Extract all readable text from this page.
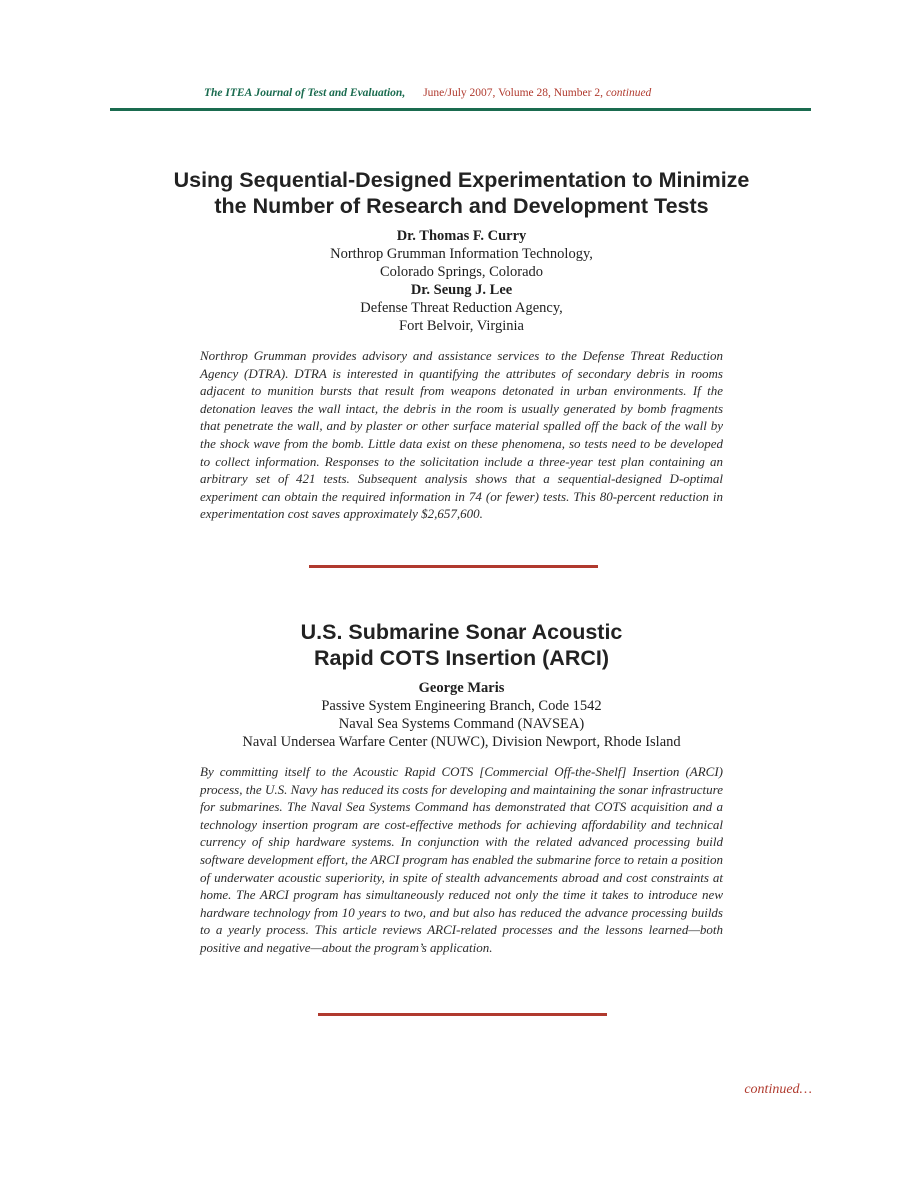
The ITEA Journal of Test and Evaluation, June/July 2007, Volume 28, Number 2, continued
Using Sequential-Designed Experimentation to Minimize
the Number of Research and Development Tests
Dr. Thomas F. Curry
Northrop Grumman Information Technology,
Colorado Springs, Colorado
Dr. Seung J. Lee
Defense Threat Reduction Agency,
Fort Belvoir, Virginia

Northrop Grumman provides advisory and assistance services to the Defense Threat Reduction Agency (DTRA). DTRA is interested in quantifying the attributes of secondary debris in rooms adjacent to munition bursts that result from weapons detonated in urban environments. If the detonation leaves the wall intact, the debris in the room is usually generated by bomb fragments that penetrate the wall, and by plaster or other surface material spalled off the back of the wall by the shock wave from the bomb. Little data exist on these phenomena, so tests need to be developed to collect information. Responses to the solicitation include a three-year test plan containing an arbitrary set of 421 tests. Subsequent analysis shows that a sequential-designed D-optimal experiment can obtain the required information in 74 (or fewer) tests. This 80-percent reduction in experimentation cost saves approximately $2,657,600.

U.S. Submarine Sonar Acoustic
Rapid COTS Insertion (ARCI)
George Maris
Passive System Engineering Branch, Code 1542
Naval Sea Systems Command (NAVSEA)
Naval Undersea Warfare Center (NUWC), Division Newport, Rhode Island

By committing itself to the Acoustic Rapid COTS [Commercial Off-the-Shelf] Insertion (ARCI) process, the U.S. Navy has reduced its costs for developing and maintaining the sonar infrastructure for submarines. The Naval Sea Systems Command has demonstrated that COTS acquisition and a technology insertion program are cost-effective methods for achieving affordability and technical currency of ship hardware systems. In conjunction with the related advanced processing build software development effort, the ARCI program has enabled the submarine force to retain a position of underwater acoustic superiority, in spite of stealth advancements abroad and cost constraints at home. The ARCI program has simultaneously reduced not only the time it takes to introduce new hardware technology from 10 years to two, and but also has reduced the advance processing builds to a yearly process. This article reviews ARCI-related processes and the lessons learned—both positive and negative—about the program’s application.

continued…
